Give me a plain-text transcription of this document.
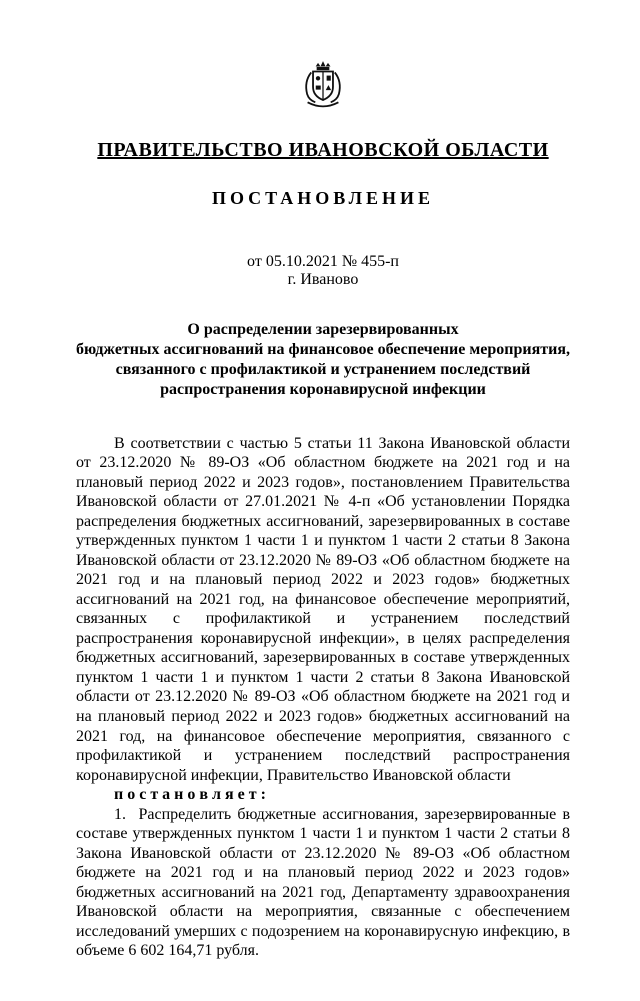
ПРАВИТЕЛЬСТВО ИВАНОВСКОЙ ОБЛАСТИ
ПОСТАНОВЛЕНИЕ
от 05.10.2021 № 455-п
г. Иваново
О распределении зарезервированных
бюджетных ассигнований на финансовое обеспечение мероприятия,
связанного с профилактикой и устранением последствий
распространения коронавирусной инфекции

В соответствии с частью 5 статьи 11 Закона Ивановской области от 23.12.2020 № 89-ОЗ «Об областном бюджете на 2021 год и на плановый период 2022 и 2023 годов», постановлением Правительства Ивановской области от 27.01.2021 № 4-п «Об установлении Порядка распределения бюджетных ассигнований, зарезервированных в составе утвержденных пунктом 1 части 1 и пунктом 1 части 2 статьи 8 Закона Ивановской области от 23.12.2020 № 89-ОЗ «Об областном бюджете на 2021 год и на плановый период 2022 и 2023 годов» бюджетных ассигнований на 2021 год, на финансовое обеспечение мероприятий, связанных с профилактикой и устранением последствий распространения коронавирусной инфекции», в целях распределения бюджетных ассигнований, зарезервированных в составе утвержденных пунктом 1 части 1 и пунктом 1 части 2 статьи 8 Закона Ивановской области от 23.12.2020 № 89-ОЗ «Об областном бюджете на 2021 год и на плановый период 2022 и 2023 годов» бюджетных ассигнований на 2021 год, на финансовое обеспечение мероприятия, связанного с профилактикой и устранением последствий распространения коронавирусной инфекции, Правительство Ивановской области

п о с т а н о в л я е т :

1.  Распределить бюджетные ассигнования, зарезервированные в составе утвержденных пунктом 1 части 1 и пунктом 1 части 2 статьи 8 Закона Ивановской области от 23.12.2020 № 89-ОЗ «Об областном бюджете на 2021 год и на плановый период 2022 и 2023 годов» бюджетных ассигнований на 2021 год, Департаменту здравоохранения Ивановской области на мероприятия, связанные с обеспечением исследований умерших с подозрением на коронавирусную инфекцию, в объеме 6 602 164,71 рубля.
